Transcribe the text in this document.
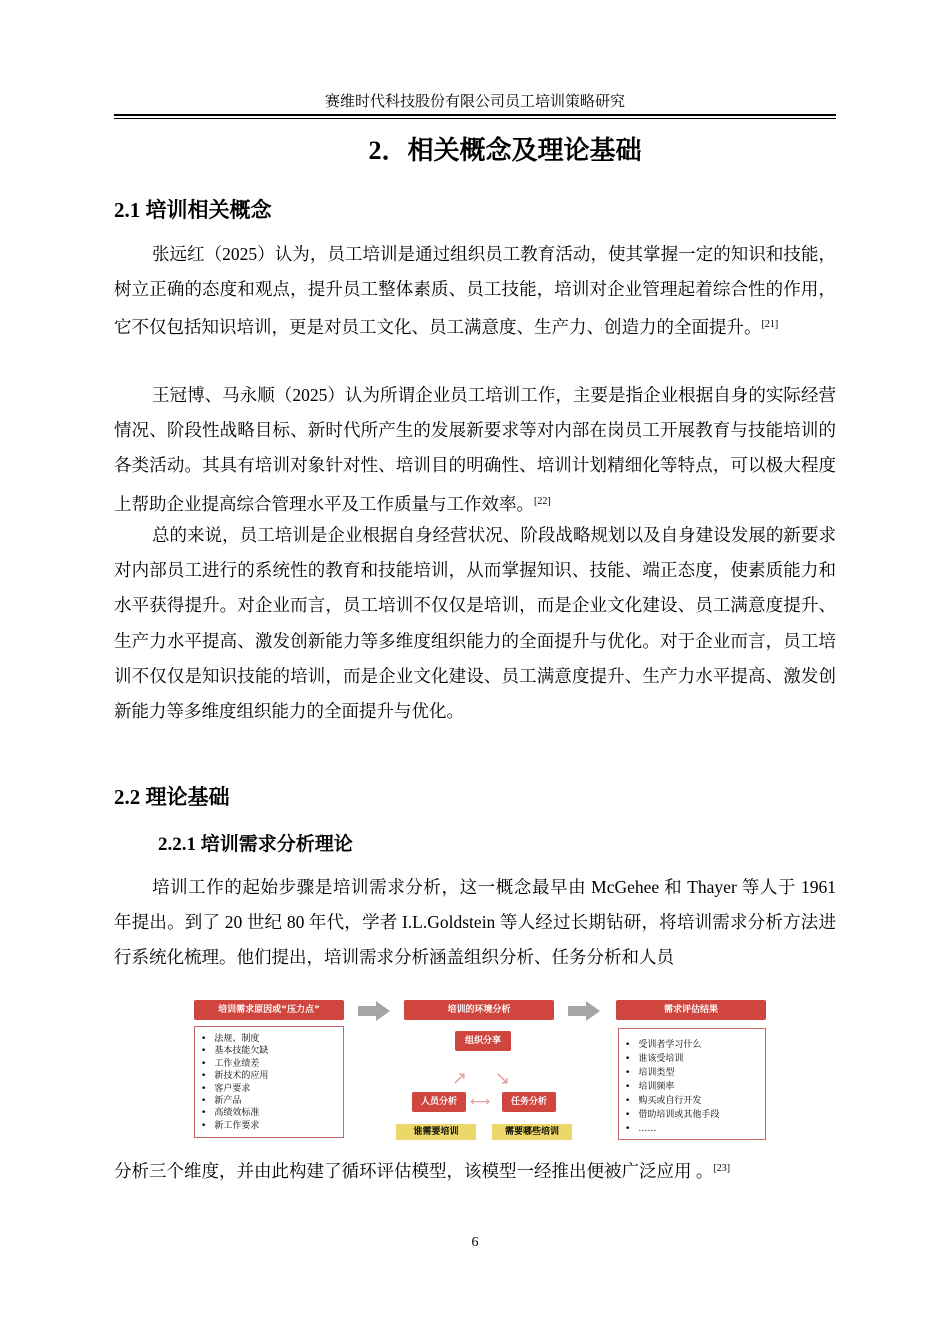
赛维时代科技股份有限公司员工培训策略研究
2．相关概念及理论基础
2.1 培训相关概念
张远红（2025）认为，员工培训是通过组织员工教育活动，使其掌握一定的知识和技能，树立正确的态度和观点，提升员工整体素质、员工技能，培训对企业管理起着综合性的作用，它不仅包括知识培训，更是对员工文化、员工满意度、生产力、创造力的全面提升。[21]
王冠博、马永顺（2025）认为所谓企业员工培训工作，主要是指企业根据自身的实际经营情况、阶段性战略目标、新时代所产生的发展新要求等对内部在岗员工开展教育与技能培训的各类活动。其具有培训对象针对性、培训目的明确性、培训计划精细化等特点，可以极大程度上帮助企业提高综合管理水平及工作质量与工作效率。[22]
总的来说，员工培训是企业根据自身经营状况、阶段战略规划以及自身建设发展的新要求对内部员工进行的系统性的教育和技能培训，从而掌握知识、技能、端正态度，使素质能力和水平获得提升。对企业而言，员工培训不仅仅是培训，而是企业文化建设、员工满意度提升、生产力水平提高、激发创新能力等多维度组织能力的全面提升与优化。对于企业而言，员工培训不仅仅是知识技能的培训，而是企业文化建设、员工满意度提升、生产力水平提高、激发创新能力等多维度组织能力的全面提升与优化。
2.2 理论基础
2.2.1 培训需求分析理论
培训工作的起始步骤是培训需求分析，这一概念最早由 McGehee 和 Thayer 等人于 1961 年提出。到了 20 世纪 80 年代，学者 I.L.Goldstein 等人经过长期钻研，将培训需求分析方法进行系统化梳理。他们提出，培训需求分析涵盖组织分析、任务分析和人员
培训需求原因或“压力点”
• 法规、制度
• 基本技能欠缺
• 工作业绩差
• 新技术的应用
• 客户要求
• 新产品
• 高绩效标准
• 新工作要求
培训的环境分析
组织分享
↗ ↘
人员分析 ⟷	任务分析
谁需要培训	需要哪些培训
需求评估结果
• 受训者学习什么
• 谁该受培训
• 培训类型
• 培训频率
• 购买或自行开发
• 借助培训或其他手段
• ……
分析三个维度，并由此构建了循环评估模型，该模型一经推出便被广泛应用 。[23]
6
